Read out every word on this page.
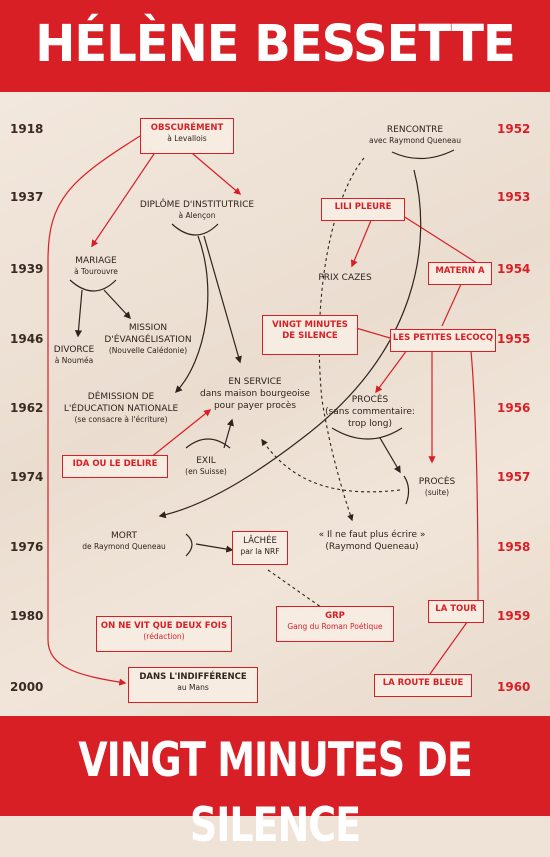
HÉLÈNE BESSETTE
1918
1937
1939
1946
1962
1974
1976
1980
2000
1952
1953
1954
1955
1956
1957
1958
1959
1960
OBSCURÉMENT
à Levallois
DIPLÔME D'INSTITUTRICE
à Alençon
MARIAGE
à Tourouvre
MISSION
D'ÉVANGÉLISATION
(Nouvelle Calédonie)
DIVORCE
à Nouméa
DÉMISSION DE
L'ÉDUCATION NATIONALE
(se consacre à l'écriture)
EN SERVICE
dans maison bourgeoise
pour payer procès
EXIL
(en Suisse)
RENCONTRE
avec Raymond Queneau
PRIX CAZES
PROCÈS
(sans commentaire:
trop long)
PROCÈS
(suite)
MORT
de Raymond Queneau
« Il ne faut plus écrire »
(Raymond Queneau)
LÂCHÉE
par la NRF
DANS L'INDIFFÉRENCE
au Mans
LILI PLEURE
MATERN A
VINGT MINUTES
DE SILENCE	LES PETITES LECOCQ
IDA OU LE DELIRE
ON NE VIT QUE DEUX FOIS
(rédaction)
GRP
Gang du Roman Poétique
LA TOUR
LA ROUTE BLEUE
VINGT MINUTES DE SILENCE
